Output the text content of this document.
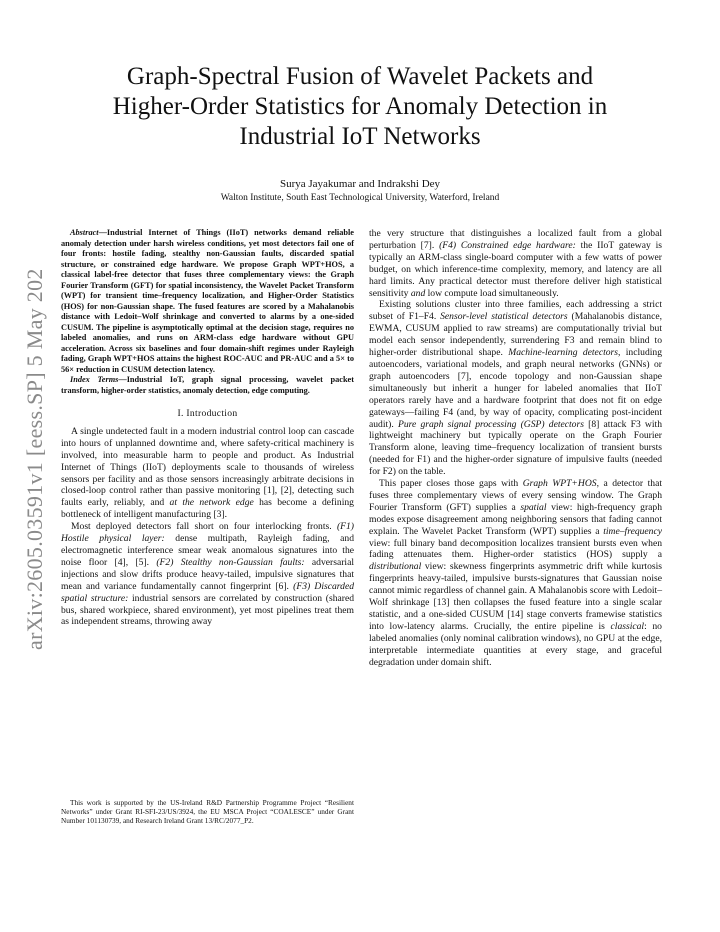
arXiv:2605.03591v1 [eess.SP] 5 May 2026
Graph-Spectral Fusion of Wavelet Packets and
Higher-Order Statistics for Anomaly Detection in
Industrial IoT Networks
Surya Jayakumar and Indrakshi Dey
Walton Institute, South East Technological University, Waterford, Ireland

Abstract—Industrial Internet of Things (IIoT) networks demand reliable anomaly detection under harsh wireless conditions, yet most detectors fail one of four fronts: hostile fading, stealthy non-Gaussian faults, discarded spatial structure, or constrained edge hardware. We propose Graph WPT+HOS, a classical label-free detector that fuses three complementary views: the Graph Fourier Transform (GFT) for spatial inconsistency, the Wavelet Packet Transform (WPT) for transient time–frequency localization, and Higher-Order Statistics (HOS) for non-Gaussian shape. The fused features are scored by a Mahalanobis distance with Ledoit–Wolf shrinkage and converted to alarms by a one-sided CUSUM. The pipeline is asymptotically optimal at the decision stage, requires no labeled anomalies, and runs on ARM-class edge hardware without GPU acceleration. Across six baselines and four domain-shift regimes under Rayleigh fading, Graph WPT+HOS attains the highest ROC-AUC and PR-AUC and a 5× to 56× reduction in CUSUM detection latency.

Index Terms—Industrial IoT, graph signal processing, wavelet packet transform, higher-order statistics, anomaly detection, edge computing.

I. Introduction

A single undetected fault in a modern industrial control loop can cascade into hours of unplanned downtime and, where safety-critical machinery is involved, into measurable harm to people and product. As Industrial Internet of Things (IIoT) deployments scale to thousands of wireless sensors per facility and as those sensors increasingly arbitrate decisions in closed-loop control rather than passive monitoring [1], [2], detecting such faults early, reliably, and at the network edge has become a defining bottleneck of intelligent manufacturing [3].

Most deployed detectors fall short on four interlocking fronts. (F1) Hostile physical layer: dense multipath, Rayleigh fading, and electromagnetic interference smear weak anomalous signatures into the noise floor [4], [5]. (F2) Stealthy non-Gaussian faults: adversarial injections and slow drifts produce heavy-tailed, impulsive signatures that mean and variance fundamentally cannot fingerprint [6]. (F3) Discarded spatial structure: industrial sensors are correlated by construction (shared bus, shared workpiece, shared environment), yet most pipelines treat them as independent streams, throwing away

This work is supported by the US-Ireland R&D Partnership Programme Project “Resilient Networks” under Grant RI-SFI-23/US/3924, the EU MSCA Project “COALESCE” under Grant Number 101130739, and Research Ireland Grant 13/RC/2077_P2.

the very structure that distinguishes a localized fault from a global perturbation [7]. (F4) Constrained edge hardware: the IIoT gateway is typically an ARM-class single-board computer with a few watts of power budget, on which inference-time complexity, memory, and latency are all hard limits. Any practical detector must therefore deliver high statistical sensitivity and low compute load simultaneously.

Existing solutions cluster into three families, each addressing a strict subset of F1–F4. Sensor-level statistical detectors (Mahalanobis distance, EWMA, CUSUM applied to raw streams) are computationally trivial but model each sensor independently, surrendering F3 and remain blind to higher-order distributional shape. Machine-learning detectors, including autoencoders, variational models, and graph neural networks (GNNs) or graph autoencoders [7], encode topology and non-Gaussian shape simultaneously but inherit a hunger for labeled anomalies that IIoT operators rarely have and a hardware footprint that does not fit on edge gateways—failing F4 (and, by way of opacity, complicating post-incident audit). Pure graph signal processing (GSP) detectors [8] attack F3 with lightweight machinery but typically operate on the Graph Fourier Transform alone, leaving time–frequency localization of transient bursts (needed for F1) and the higher-order signature of impulsive faults (needed for F2) on the table.

This paper closes those gaps with Graph WPT+HOS, a detector that fuses three complementary views of every sensing window. The Graph Fourier Transform (GFT) supplies a spatial view: high-frequency graph modes expose disagreement among neighboring sensors that fading cannot explain. The Wavelet Packet Transform (WPT) supplies a time–frequency view: full binary band decomposition localizes transient bursts even when fading attenuates them. Higher-order statistics (HOS) supply a distributional view: skewness fingerprints asymmetric drift while kurtosis fingerprints heavy-tailed, impulsive bursts-signatures that Gaussian noise cannot mimic regardless of channel gain. A Mahalanobis score with Ledoit–Wolf shrinkage [13] then collapses the fused feature into a single scalar statistic, and a one-sided CUSUM [14] stage converts framewise statistics into low-latency alarms. Crucially, the entire pipeline is classical: no labeled anomalies (only nominal calibration windows), no GPU at the edge, interpretable intermediate quantities at every stage, and graceful degradation under domain shift.
